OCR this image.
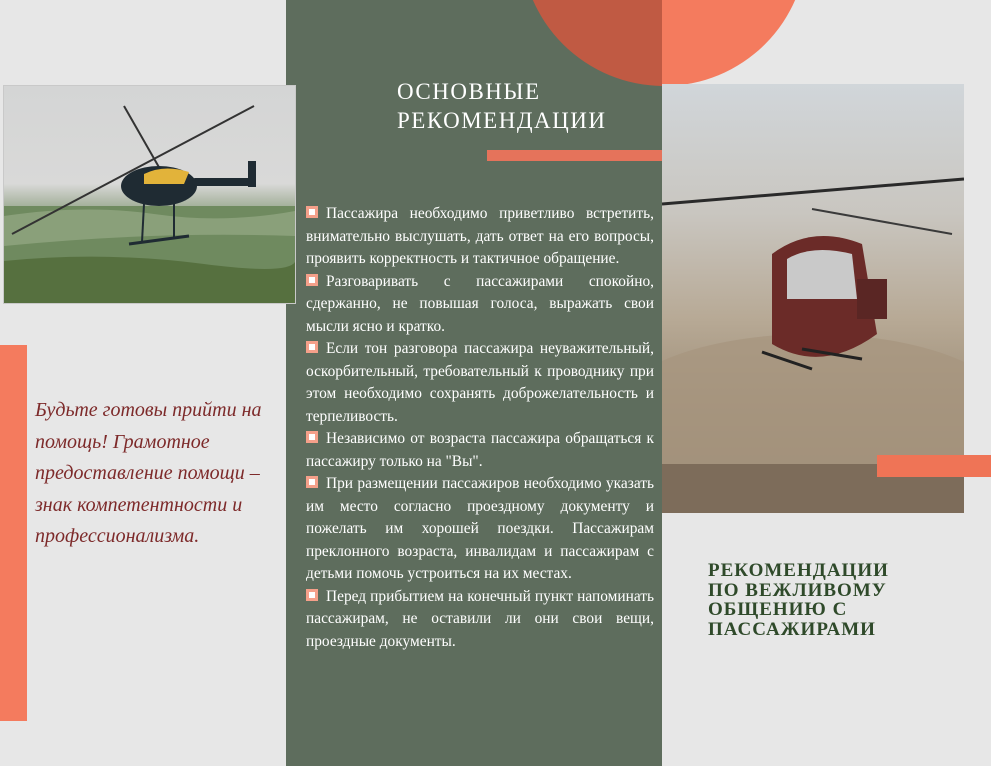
ОСНОВНЫЕ
РЕКОМЕНДАЦИИ

Пассажира необходимо приветливо встретить, внимательно выслушать, дать ответ на его вопросы, проявить корректность и тактичное обращение.

Разговаривать с пассажирами спокойно, сдержанно, не повышая голоса, выражать свои мысли ясно и кратко.

Если тон разговора пассажира неуважительный, оскорбительный, требовательный к проводнику при этом необходимо сохранять доброжелательность и терпеливость.

Независимо от возраста пассажира обращаться к пассажиру только на "Вы".

При размещении пассажиров необходимо указать им место согласно проездному документу и пожелать им хорошей поездки. Пассажирам преклонного возраста, инвалидам и пассажирам с детьми помочь устроиться на их местах.

Перед прибытием на конечный пункт напоминать пассажирам, не оставили ли они свои вещи, проездные документы.

Будьте готовы прийти на помощь! Грамотное предоставление помощи – знак компетентности и профессионализма.
РЕКОМЕНДАЦИИ
ПО ВЕЖЛИВОМУ
ОБЩЕНИЮ С
ПАССАЖИРАМИ
